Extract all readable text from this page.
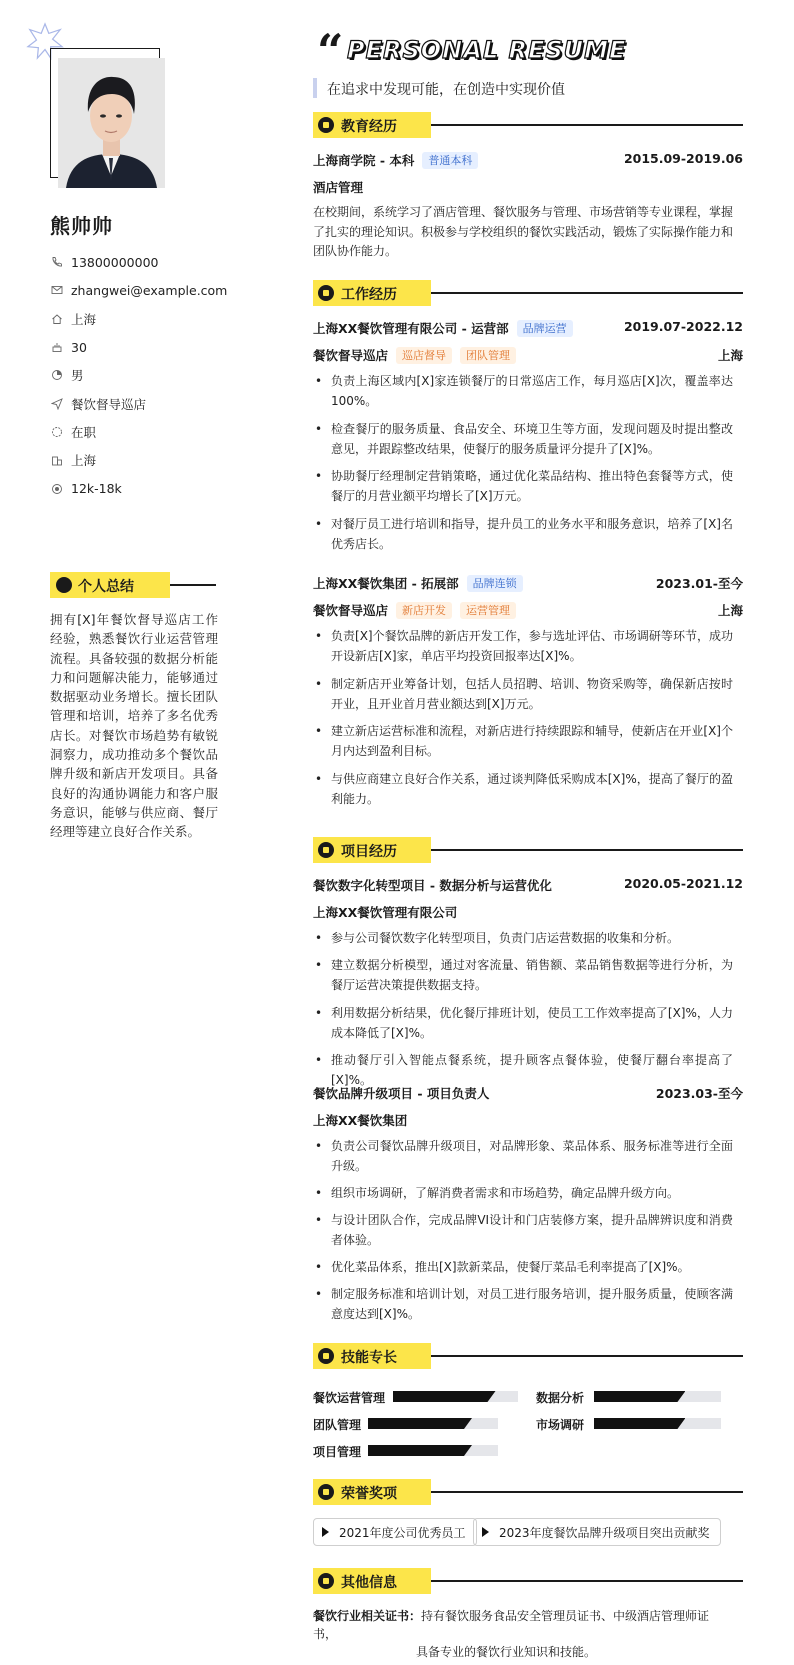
熊帅帅
13800000000
zhangwei@example.com
上海
30
男
餐饮督导巡店
在职
上海
12k-18k
个人总结
拥有[X]年餐饮督导巡店工作经验，熟悉餐饮行业运营管理流程。具备较强的数据分析能力和问题解决能力，能够通过数据驱动业务增长。擅长团队管理和培训，培养了多名优秀店长。对餐饮市场趋势有敏锐洞察力，成功推动多个餐饮品牌升级和新店开发项目。具备良好的沟通协调能力和客户服务意识，能够与供应商、餐厅经理等建立良好合作关系。
“ PERSONAL RESUME
在追求中发现可能，在创造中实现价值
教育经历
上海商学院 - 本科	普通本科	2015.09-2019.06
酒店管理
在校期间，系统学习了酒店管理、餐饮服务与管理、市场营销等专业课程，掌握了扎实的理论知识。积极参与学校组织的餐饮实践活动，锻炼了实际操作能力和团队协作能力。
工作经历
上海XX餐饮管理有限公司 - 运营部	品牌运营	2019.07-2022.12
餐饮督导巡店	巡店督导	团队管理	上海
• 负责上海区域内[X]家连锁餐厅的日常巡店工作，每月巡店[X]次，覆盖率达100%。
• 检查餐厅的服务质量、食品安全、环境卫生等方面，发现问题及时提出整改意见，并跟踪整改结果，使餐厅的服务质量评分提升了[X]%。
• 协助餐厅经理制定营销策略，通过优化菜品结构、推出特色套餐等方式，使餐厅的月营业额平均增长了[X]万元。
• 对餐厅员工进行培训和指导，提升员工的业务水平和服务意识，培养了[X]名优秀店长。
上海XX餐饮集团 - 拓展部	品牌连锁	2023.01-至今
餐饮督导巡店	新店开发	运营管理	上海
• 负责[X]个餐饮品牌的新店开发工作，参与选址评估、市场调研等环节，成功开设新店[X]家，单店平均投资回报率达[X]%。
• 制定新店开业筹备计划，包括人员招聘、培训、物资采购等，确保新店按时开业，且开业首月营业额达到[X]万元。
• 建立新店运营标准和流程，对新店进行持续跟踪和辅导，使新店在开业[X]个月内达到盈利目标。
• 与供应商建立良好合作关系，通过谈判降低采购成本[X]%，提高了餐厅的盈利能力。
项目经历
餐饮数字化转型项目 - 数据分析与运营优化	2020.05-2021.12
上海XX餐饮管理有限公司
• 参与公司餐饮数字化转型项目，负责门店运营数据的收集和分析。
• 建立数据分析模型，通过对客流量、销售额、菜品销售数据等进行分析，为餐厅运营决策提供数据支持。
• 利用数据分析结果，优化餐厅排班计划，使员工工作效率提高了[X]%，人力成本降低了[X]%。
• 推动餐厅引入智能点餐系统，提升顾客点餐体验，使餐厅翻台率提高了[X]%。
餐饮品牌升级项目 - 项目负责人	2023.03-至今
上海XX餐饮集团
• 负责公司餐饮品牌升级项目，对品牌形象、菜品体系、服务标准等进行全面升级。
• 组织市场调研，了解消费者需求和市场趋势，确定品牌升级方向。
• 与设计团队合作，完成品牌VI设计和门店装修方案，提升品牌辨识度和消费者体验。
• 优化菜品体系，推出[X]款新菜品，使餐厅菜品毛利率提高了[X]%。
• 制定服务标准和培训计划，对员工进行服务培训，提升服务质量，使顾客满意度达到[X]%。
技能专长
餐饮运营管理	数据分析
团队管理	市场调研
项目管理
荣誉奖项
2021年度公司优秀员工	2023年度餐饮品牌升级项目突出贡献奖
其他信息
餐饮行业相关证书：持有餐饮服务食品安全管理员证书、中级酒店管理师证书，
具备专业的餐饮行业知识和技能。
